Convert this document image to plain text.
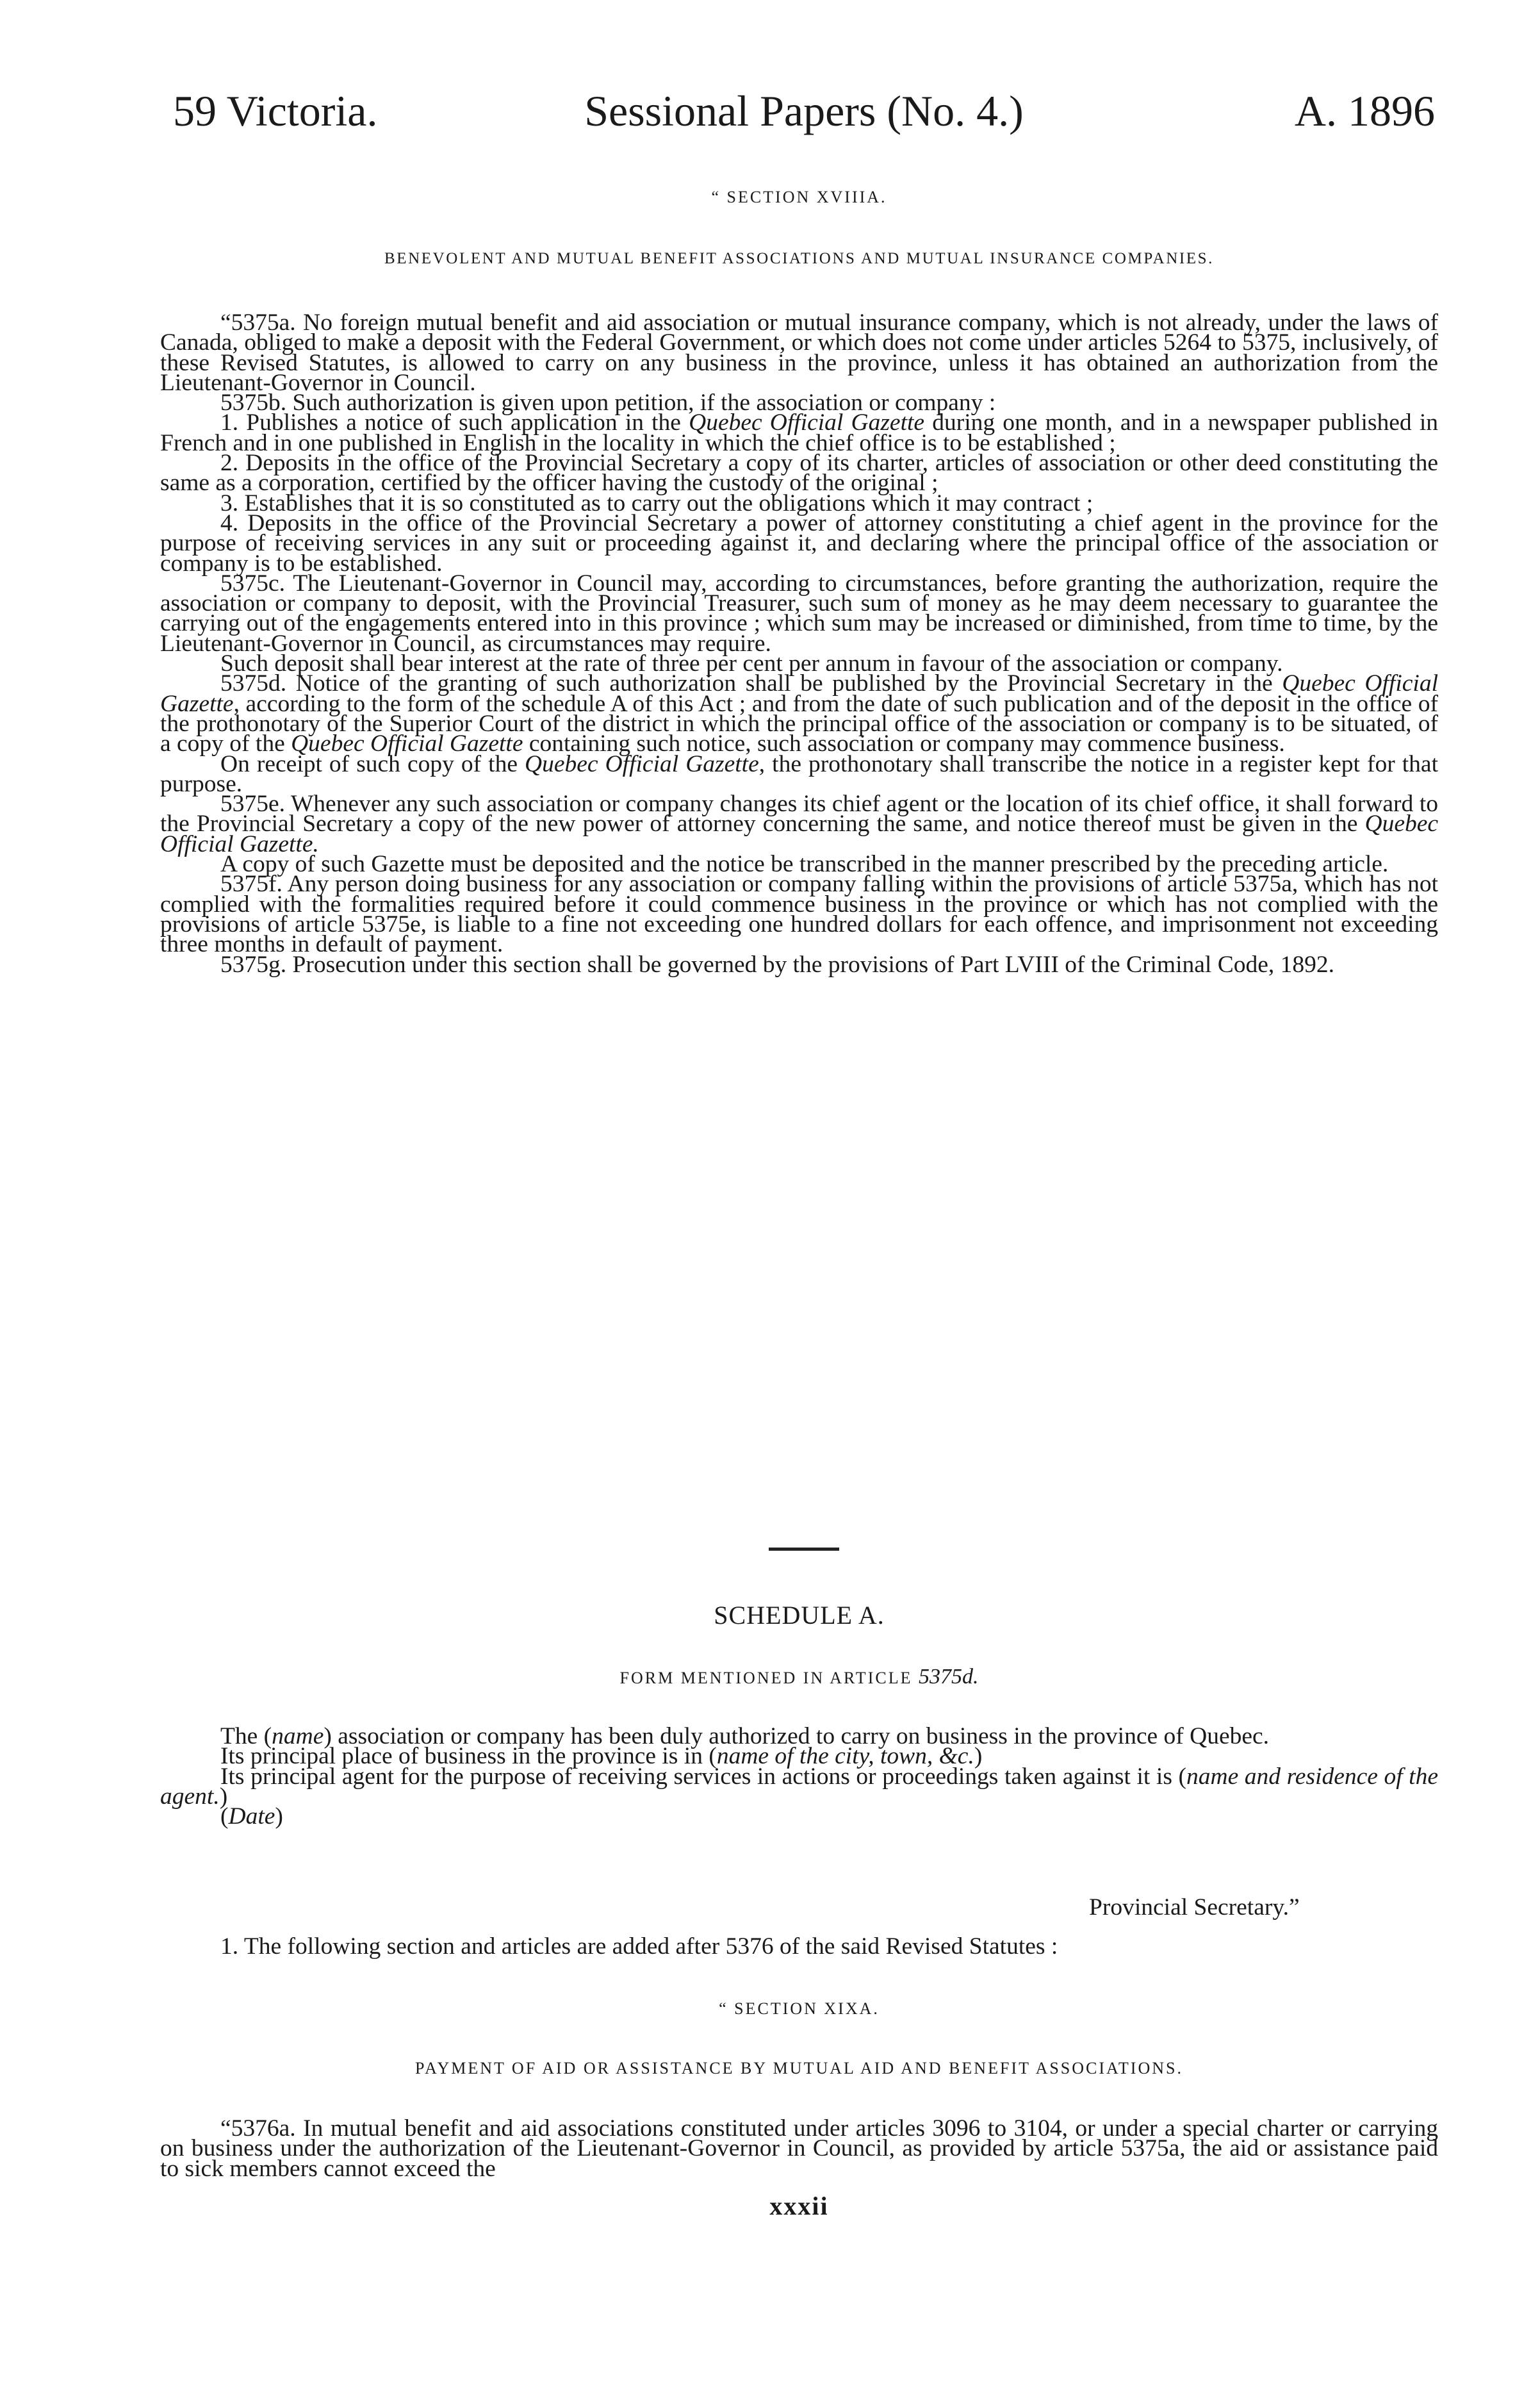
59 Victoria.	Sessional Papers (No. 4.)	A. 1896
“ SECTION XVIIIA.
BENEVOLENT AND MUTUAL BENEFIT ASSOCIATIONS AND MUTUAL INSURANCE COMPANIES.

“5375a. No foreign mutual benefit and aid association or mutual insurance company, which is not already, under the laws of Canada, obliged to make a deposit with the Federal Government, or which does not come under articles 5264 to 5375, inclusively, of these Revised Statutes, is allowed to carry on any business in the province, unless it has obtained an authorization from the Lieutenant-Governor in Council.

5375b. Such authorization is given upon petition, if the association or company :

1. Publishes a notice of such application in the Quebec Official Gazette during one month, and in a newspaper published in French and in one published in English in the locality in which the chief office is to be established ;

2. Deposits in the office of the Provincial Secretary a copy of its charter, articles of association or other deed constituting the same as a corporation, certified by the officer having the custody of the original ;

3. Establishes that it is so constituted as to carry out the obligations which it may contract ;

4. Deposits in the office of the Provincial Secretary a power of attorney constituting a chief agent in the province for the purpose of receiving services in any suit or proceeding against it, and declaring where the principal office of the association or company is to be established.

5375c. The Lieutenant-Governor in Council may, according to circumstances, before granting the authorization, require the association or company to deposit, with the Provincial Treasurer, such sum of money as he may deem necessary to guarantee the carrying out of the engagements entered into in this province ; which sum may be increased or diminished, from time to time, by the Lieutenant-Governor in Council, as circumstances may require.

Such deposit shall bear interest at the rate of three per cent per annum in favour of the association or company.

5375d. Notice of the granting of such authorization shall be published by the Provincial Secretary in the Quebec Official Gazette, according to the form of the schedule A of this Act ; and from the date of such publication and of the deposit in the office of the prothonotary of the Superior Court of the district in which the principal office of the association or company is to be situated, of a copy of the Quebec Official Gazette containing such notice, such association or company may commence business.

On receipt of such copy of the Quebec Official Gazette, the prothonotary shall transcribe the notice in a register kept for that purpose.

5375e. Whenever any such association or company changes its chief agent or the location of its chief office, it shall forward to the Provincial Secretary a copy of the new power of attorney concerning the same, and notice thereof must be given in the Quebec Official Gazette.

A copy of such Gazette must be deposited and the notice be transcribed in the manner prescribed by the preceding article.

5375f. Any person doing business for any association or company falling within the provisions of article 5375a, which has not complied with the formalities required before it could commence business in the province or which has not complied with the provisions of article 5375e, is liable to a fine not exceeding one hundred dollars for each offence, and imprisonment not exceeding three months in default of payment.

5375g. Prosecution under this section shall be governed by the provisions of Part LVIII of the Criminal Code, 1892.

SCHEDULE A.
FORM MENTIONED IN ARTICLE 5375d.

The (name) association or company has been duly authorized to carry on business in the province of Quebec.

Its principal place of business in the province is in (name of the city, town, &c.)

Its principal agent for the purpose of receiving services in actions or proceedings taken against it is (name and residence of the agent.)

(Date)

Provincial Secretary.”

1. The following section and articles are added after 5376 of the said Revised Statutes :

“ SECTION XIXA.
PAYMENT OF AID OR ASSISTANCE BY MUTUAL AID AND BENEFIT ASSOCIATIONS.

“5376a. In mutual benefit and aid associations constituted under articles 3096 to 3104, or under a special charter or carrying on business under the authorization of the Lieutenant-Governor in Council, as provided by article 5375a, the aid or assistance paid to sick members cannot exceed the

xxxii
